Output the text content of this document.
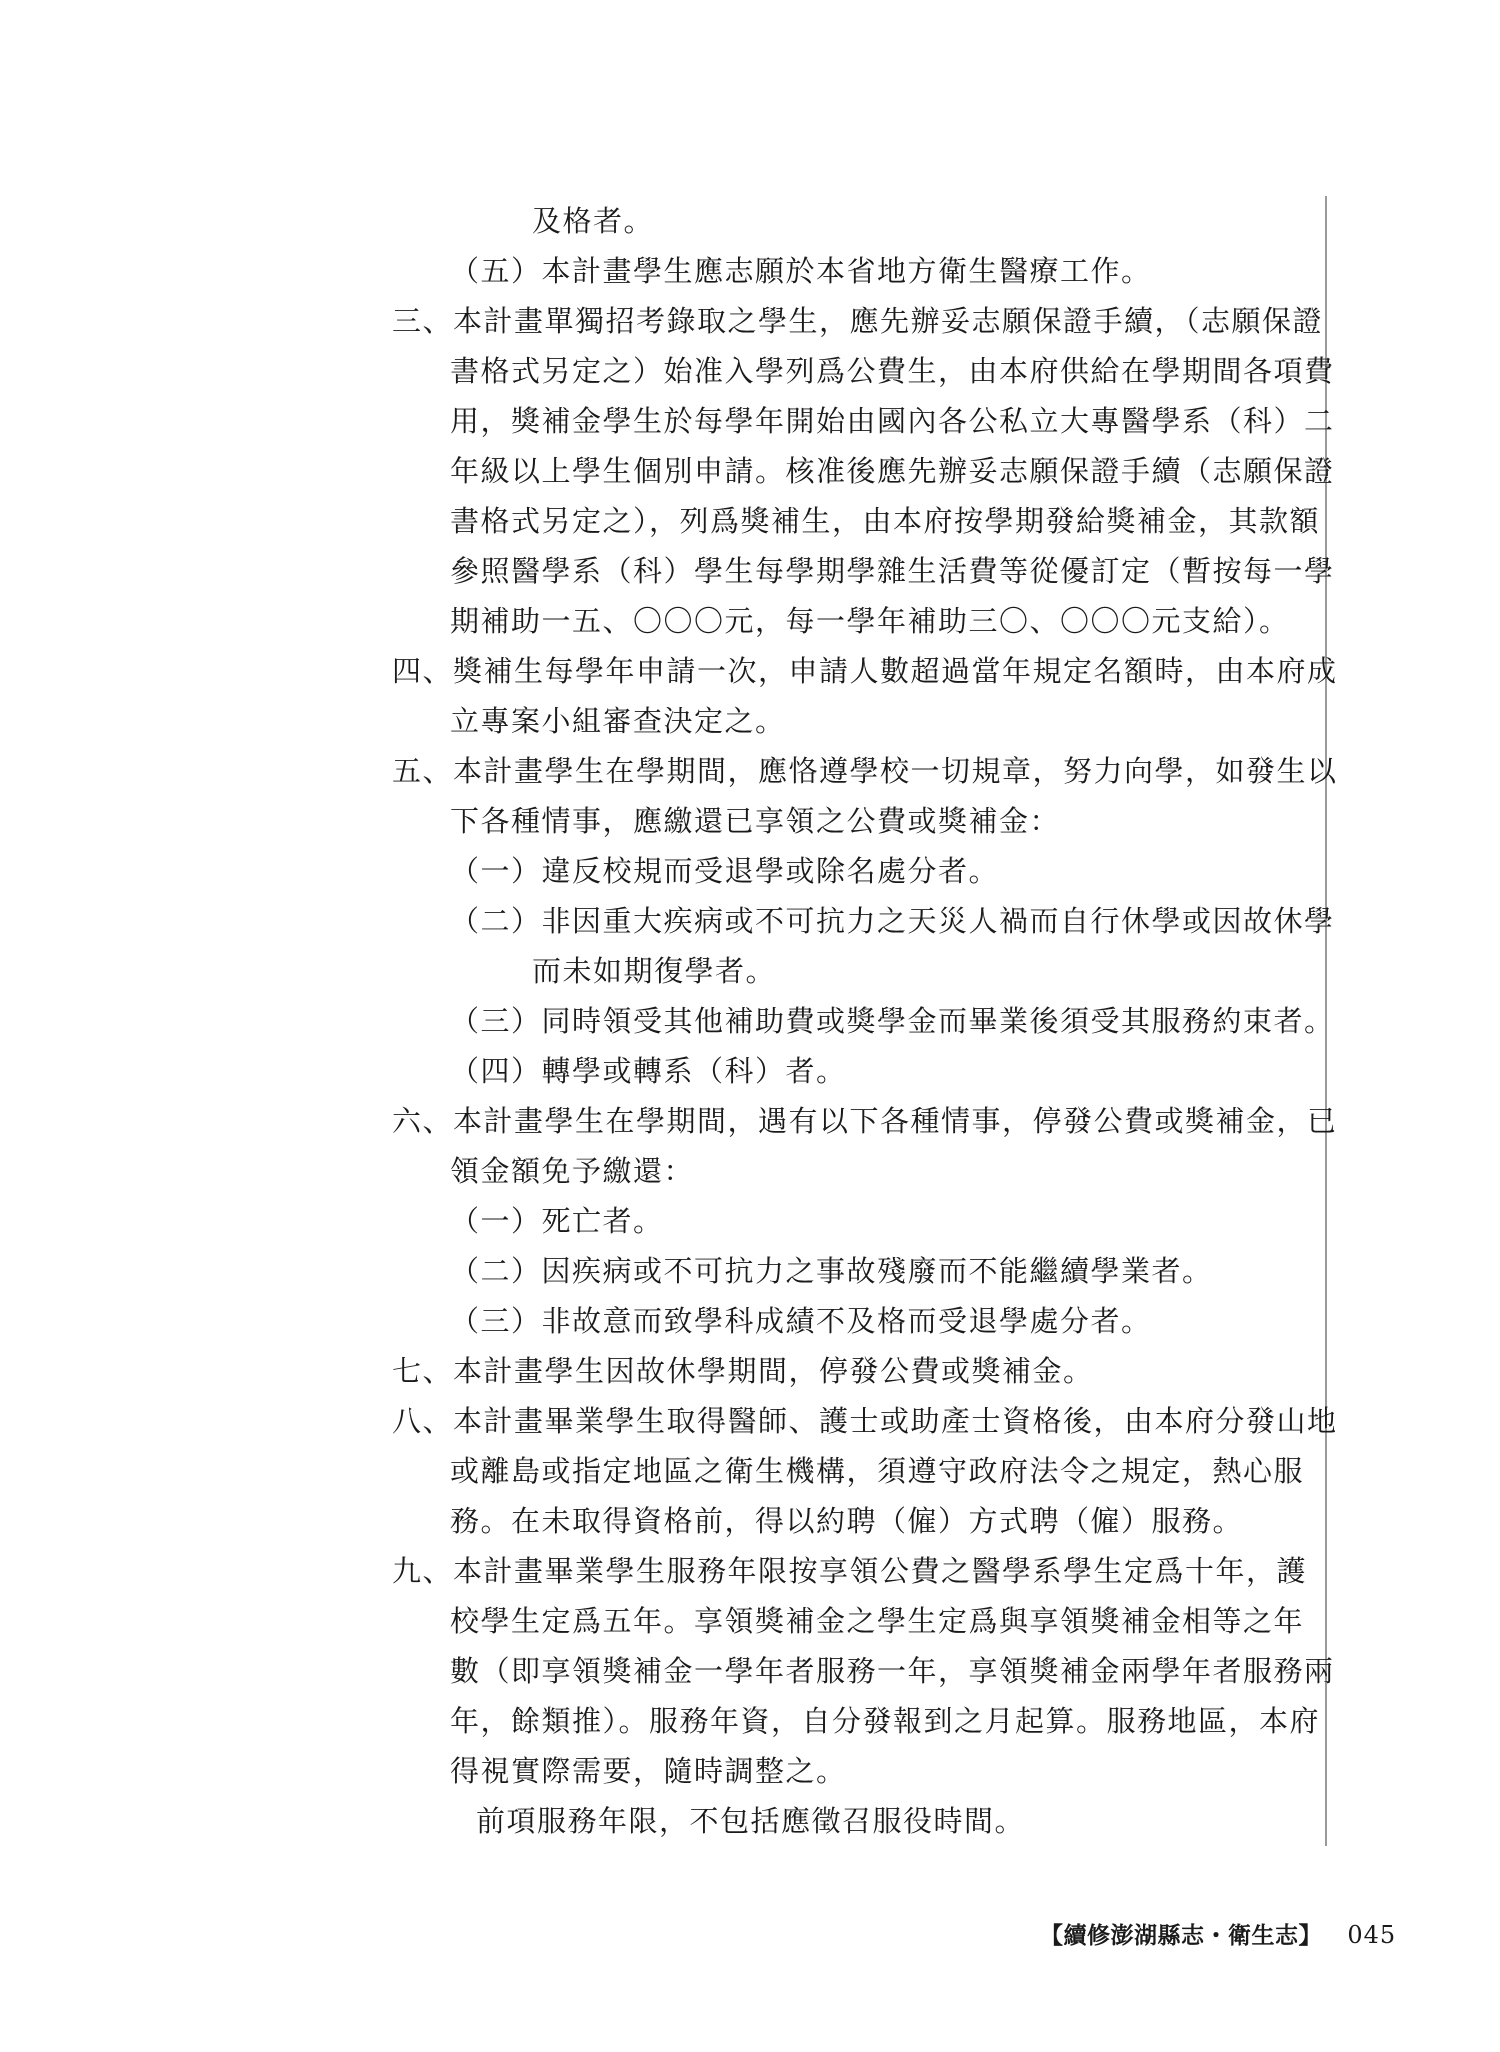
及格者。
（五）本計畫學生應志願於本省地方衛生醫療工作。
三、本計畫單獨招考錄取之學生，應先辦妥志願保證手續，（志願保證
書格式另定之）始准入學列爲公費生，由本府供給在學期間各項費
用，獎補金學生於每學年開始由國內各公私立大專醫學系（科）二
年級以上學生個別申請。核准後應先辦妥志願保證手續（志願保證
書格式另定之），列爲獎補生，由本府按學期發給獎補金，其款額
參照醫學系（科）學生每學期學雜生活費等從優訂定（暫按每一學
期補助一五、〇〇〇元，每一學年補助三〇、〇〇〇元支給）。
四、獎補生每學年申請一次，申請人數超過當年規定名額時，由本府成
立專案小組審查決定之。
五、本計畫學生在學期間，應恪遵學校一切規章，努力向學，如發生以
下各種情事，應繳還已享領之公費或獎補金：
（一）違反校規而受退學或除名處分者。
（二）非因重大疾病或不可抗力之天災人禍而自行休學或因故休學
而未如期復學者。
（三）同時領受其他補助費或獎學金而畢業後須受其服務約束者。
（四）轉學或轉系（科）者。
六、本計畫學生在學期間，遇有以下各種情事，停發公費或獎補金，已
領金額免予繳還：
（一）死亡者。
（二）因疾病或不可抗力之事故殘廢而不能繼續學業者。
（三）非故意而致學科成績不及格而受退學處分者。
七、本計畫學生因故休學期間，停發公費或獎補金。
八、本計畫畢業學生取得醫師、護士或助產士資格後，由本府分發山地
或離島或指定地區之衛生機構，須遵守政府法令之規定，熱心服
務。在未取得資格前，得以約聘（僱）方式聘（僱）服務。
九、本計畫畢業學生服務年限按享領公費之醫學系學生定爲十年，護
校學生定爲五年。享領獎補金之學生定爲與享領獎補金相等之年
數（即享領獎補金一學年者服務一年，享領獎補金兩學年者服務兩
年，餘類推）。服務年資，自分發報到之月起算。服務地區，本府
得視實際需要，隨時調整之。
前項服務年限，不包括應徵召服役時間。
【續修澎湖縣志・衛生志】 045
